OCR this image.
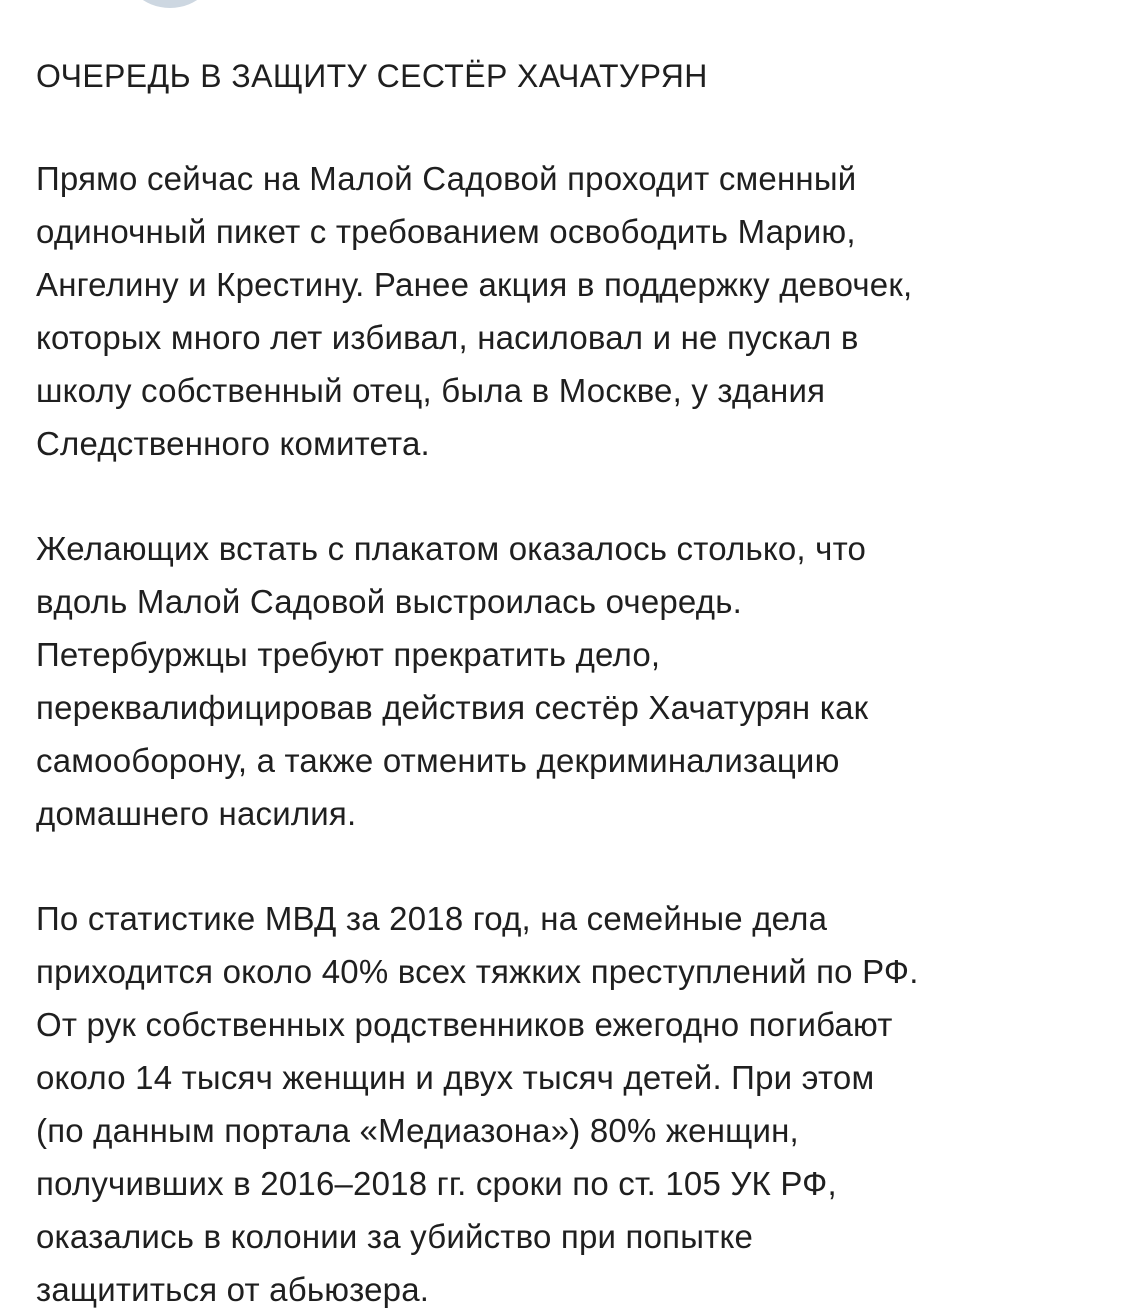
ОЧЕРЕДЬ В ЗАЩИТУ СЕСТЁР ХАЧАТУРЯН

Прямо сейчас на Малой Садовой проходит сменный
одиночный пикет с требованием освободить Марию,
Ангелину и Крестину. Ранее акция в поддержку девочек,
которых много лет избивал, насиловал и не пускал в
школу собственный отец, была в Москве, у здания
Следственного комитета.

Желающих встать с плакатом оказалось столько, что
вдоль Малой Садовой выстроилась очередь.
Петербуржцы требуют прекратить дело,
переквалифицировав действия сестёр Хачатурян как
самооборону, а также отменить декриминализацию
домашнего насилия.

По статистике МВД за 2018 год, на семейные дела
приходится около 40% всех тяжких преступлений по РФ.
От рук собственных родственников ежегодно погибают
около 14 тысяч женщин и двух тысяч детей. При этом
(по данным портала «Медиазона») 80% женщин,
получивших в 2016–2018 гг. сроки по ст. 105 УК РФ,
оказались в колонии за убийство при попытке
защититься от абьюзера.
